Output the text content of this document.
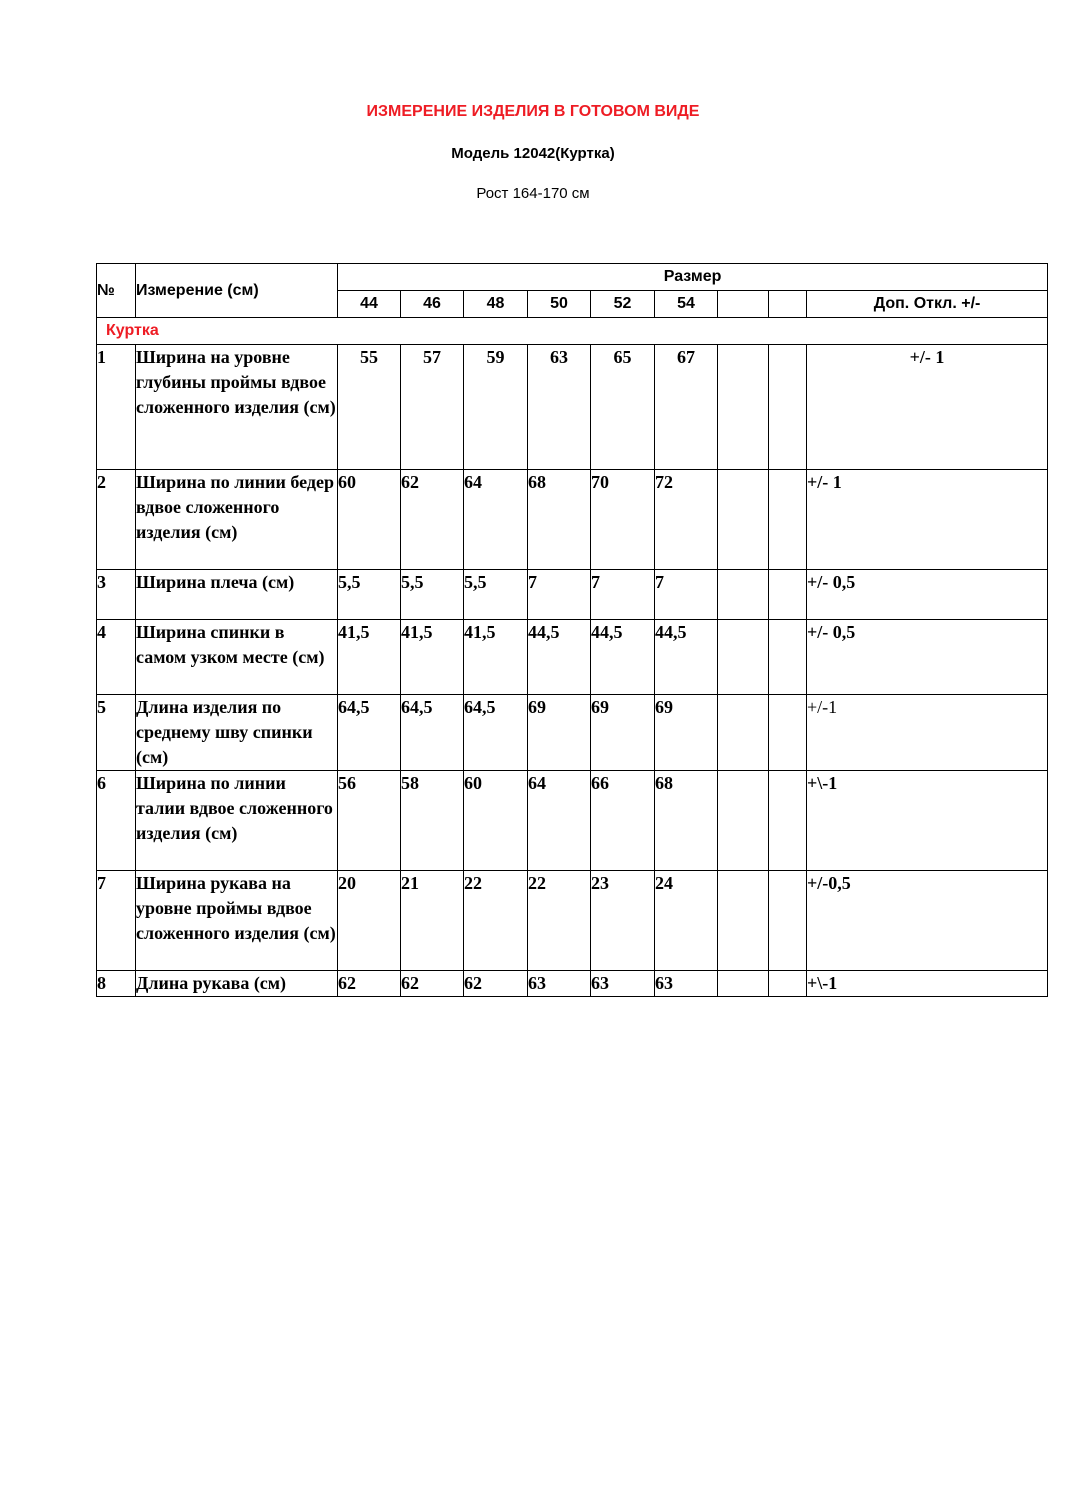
ИЗМЕРЕНИЕ ИЗДЕЛИЯ В ГОТОВОМ ВИДЕ
Модель 12042(Куртка)
Рост 164-170 см
№	Измерение (см)	Размер								
		44	46	48	50	52	54			Доп. Откл. +/-
Куртка										
1	Ширина на уровне глубины проймы вдвое сложенного изделия (см)	55	57	59	63	65	67			+/- 1
2	Ширина по линии бедер вдвое сложенного изделия (см)	60	62	64	68	70	72			+/- 1
3	Ширина плеча (см)	5,5	5,5	5,5	7	7	7			+/- 0,5
4	Ширина спинки в самом узком месте (см)	41,5	41,5	41,5	44,5	44,5	44,5			+/- 0,5
5	Длина изделия по среднему шву спинки (см)	64,5	64,5	64,5	69	69	69			+/-1
6	Ширина по линии талии вдвое сложенного изделия (см)	56	58	60	64	66	68			+\-1
7	Ширина рукава на уровне проймы вдвое сложенного изделия (см)	20	21	22	22	23	24			+/-0,5
8	Длина рукава (см)	62	62	62	63	63	63			+\-1
